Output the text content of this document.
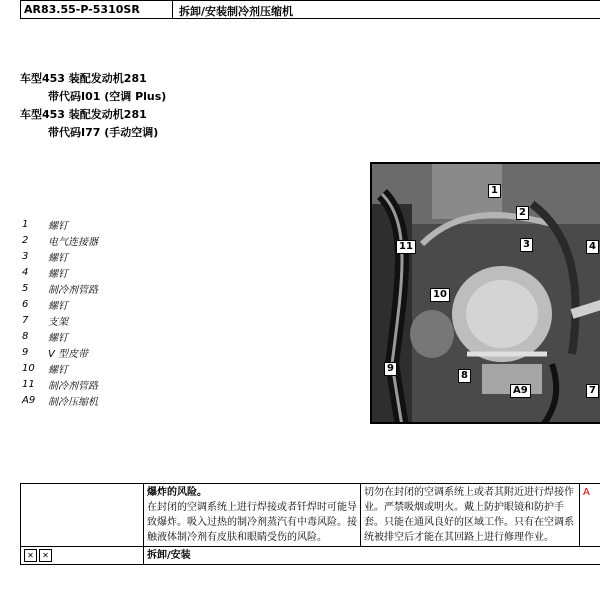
AR83.55-P-5310SR	拆卸/安装制冷剂压缩机
车型453 装配发动机281
带代码I01 (空调 Plus)
车型453 装配发动机281
带代码I77 (手动空调)
1	螺钉
2	电气连接器
3	螺钉
4	螺钉
5	制冷剂管路
6	螺钉
7	支架
8	螺钉
9	V 型皮带
10	螺钉
11	制冷剂管路
A9	制冷压缩机
1
2
3	4
11
10
9
8
A9	7
	爆炸的风险。
在封闭的空调系统上进行焊接或者钎焊时可能导致爆炸。吸入过热的制冷剂蒸汽有中毒风险。接触液体制冷剂有皮肤和眼睛受伤的风险。	切勿在封闭的空调系统上或者其附近进行焊接作业。严禁吸烟或明火。戴上防护眼镜和防护手套。只能在通风良好的区域工作。只有在空调系统被排空后才能在其回路上进行修理作业。	A
✕ ✕	拆卸/安装		
